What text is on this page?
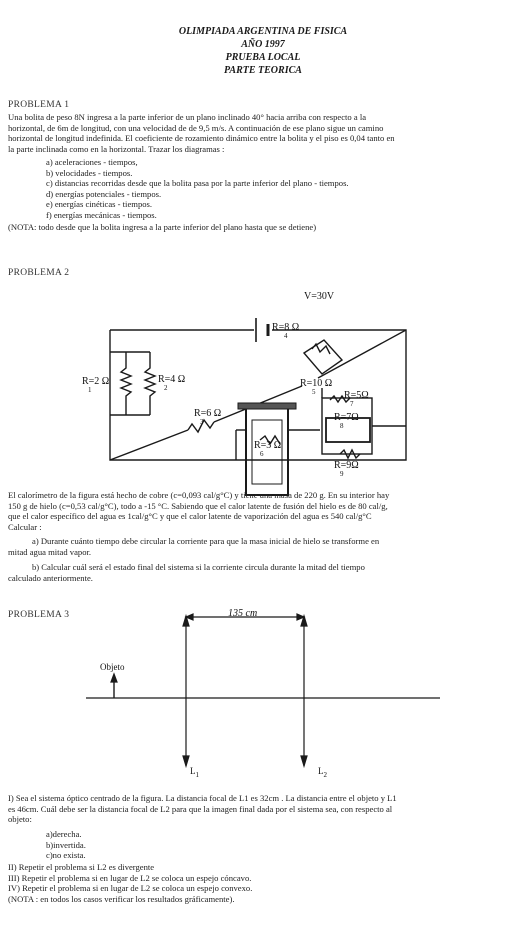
OLIMPIADA ARGENTINA DE FISICA
AÑO 1997
PRUEBA LOCAL
PARTE TEORICA
PROBLEMA 1
Una bolita de peso 8N ingresa a la parte inferior de un plano inclinado 40° hacia arriba con respecto a la
horizontal, de 6m de longitud, con una velocidad de de 9,5 m/s. A continuación de ese plano sigue un camino
horizontal de longitud indefinida. El coeficiente de rozamiento dinámico entre la bolita y el piso es 0,04 tanto en
la parte inclinada como en la horizontal. Trazar los diagramas :
a) aceleraciones - tiempos,
b) velocidades - tiempos.
c) distancias recorridas desde que la bolita pasa por la parte inferior del plano - tiempos.
d) energías potenciales - tiempos.
e) energías cinéticas - tiempos.
f) energías mecánicas - tiempos.
(NOTA: todo desde que la bolita ingresa a la parte inferior del plano hasta que se detiene)
PROBLEMA 2
V=30V
R=2 Ω
1
R=4 Ω
2
R=6 Ω
3
R=8 Ω
4
R=10 Ω
5
R=3 Ω
6
R=5Ω
7
R=7Ω
8
R=9Ω
9
El calorímetro de la figura está hecho de cobre (c=0,093 cal/g°C) y tiene una masa de 220 g. En su interior hay
150 g de hielo (c=0,53 cal/g°C), todo a -15 °C. Sabiendo que el calor latente de fusión del hielo es de 80 cal/g,
que el calor específico del agua es 1cal/g°C y que el calor latente de vaporización del agua es 540 cal/g°C
Calcular :
a) Durante cuánto tiempo debe circular la corriente para que la masa inicial de hielo se transforme en
mitad agua mitad vapor.
b) Calcular cuál será el estado final del sistema si la corriente circula durante la mitad del tiempo
calculado anteriormente.
PROBLEMA 3	135 cm
Objeto
$L_1$	$L_2$
I) Sea el sistema óptico centrado de la figura. La distancia focal de L1 es 32cm . La distancia entre el objeto y L1
es 46cm. Cuál debe ser la distancia focal de L2 para que la imagen final dada por el sistema sea, con respecto al
objeto:
a)derecha.
b)invertida.
c)no exista.
II) Repetir el problema si L2 es divergente
III) Repetir el problema si en lugar de L2 se coloca un espejo cóncavo.
IV) Repetir el problema si en lugar de L2 se coloca un espejo convexo.
(NOTA : en todos los casos verificar los resultados gráficamente).
